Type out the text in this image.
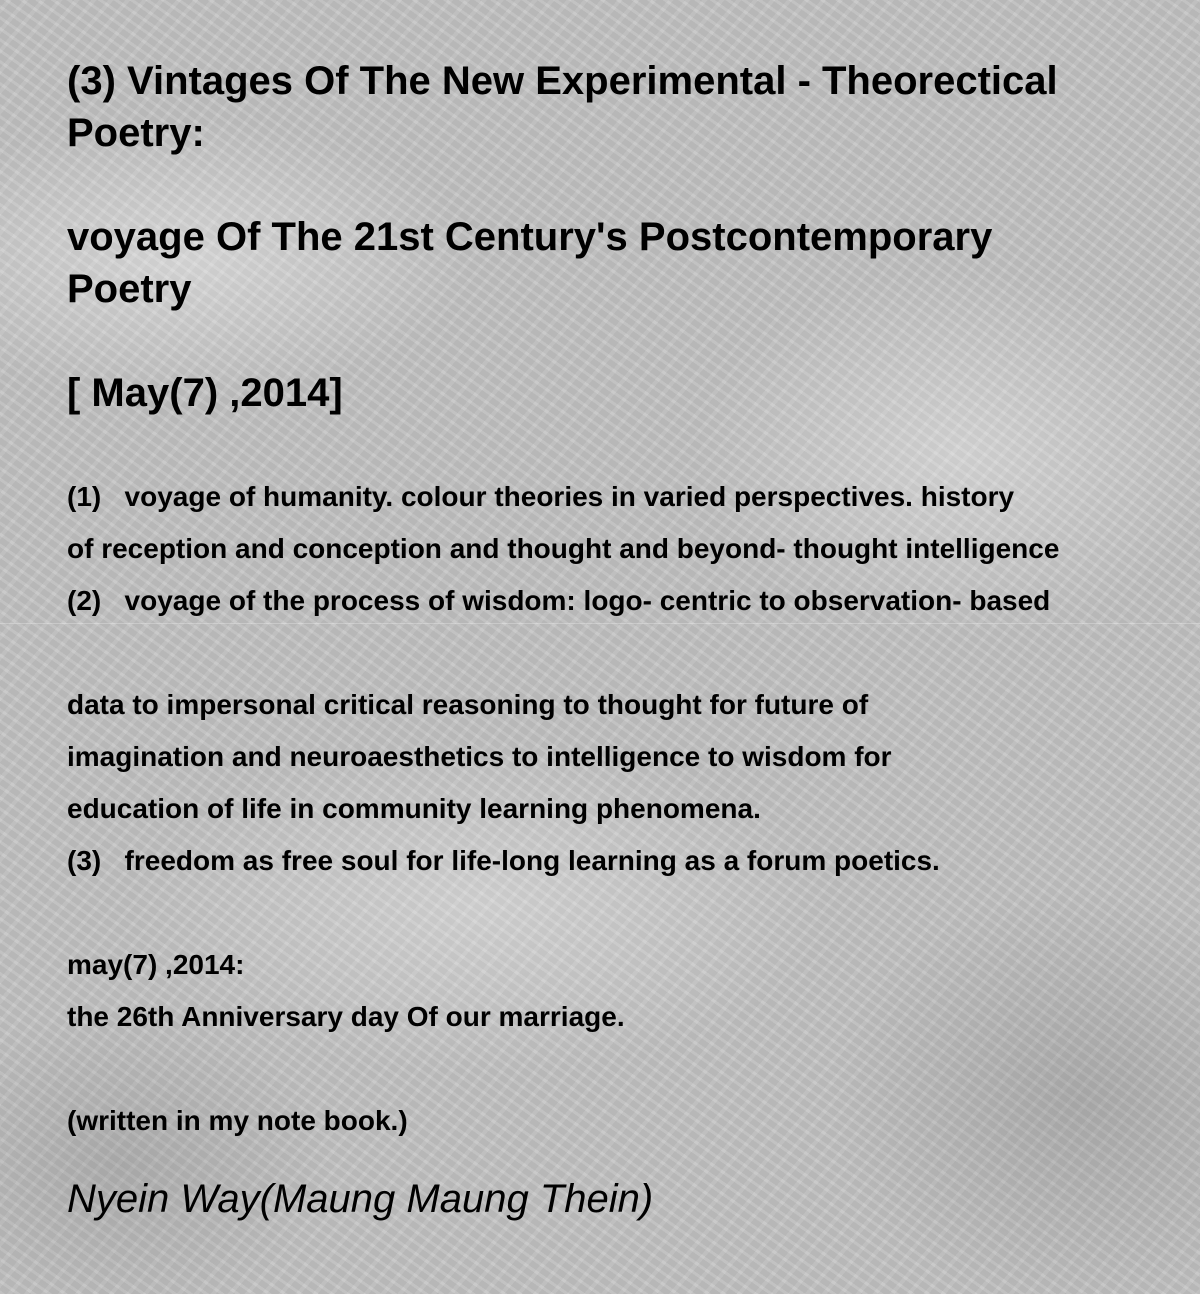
(3) Vintages Of The New Experimental - Theorectical
Poetry:
voyage Of The 21st Century's Postcontemporary
Poetry
[ May(7) ,2014]
(1)   voyage of humanity. colour theories in varied perspectives. history
of reception and conception and thought and beyond- thought intelligence
(2)   voyage of the process of wisdom: logo- centric to observation- based
data to impersonal critical reasoning to thought for future of
imagination and neuroaesthetics to intelligence to wisdom for
education of life in community learning phenomena.
(3)   freedom as free soul for life-long learning as a forum poetics.
may(7) ,2014:
the 26th Anniversary day Of our marriage.
(written in my note book.)
Nyein Way(Maung Maung Thein)
